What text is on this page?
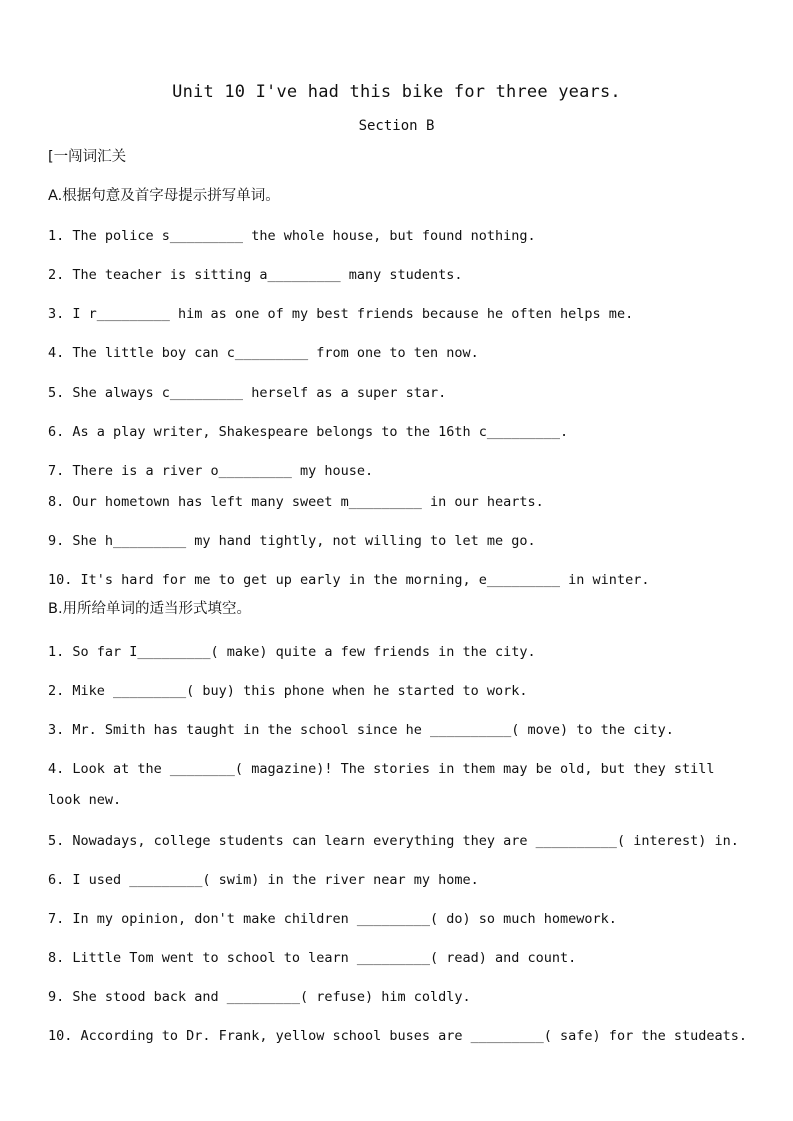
Unit 10 I've had this bike for three years.
Section B
[一闯词汇关
A.根据句意及首字母提示拼写单词。
1. The police s_________ the whole house, but found nothing.
2. The teacher is sitting a_________ many students.
3. I r_________ him as one of my best friends because he often helps me.
4. The little boy can c_________ from one to ten now.
5. She always c_________ herself as a super star.
6. As a play writer, Shakespeare belongs to the 16th c_________.
7. There is a river o_________ my house.
8. Our hometown has left many sweet m_________ in our hearts.
9. She h_________ my hand tightly, not willing to let me go.
10. It's hard for me to get up early in the morning, e_________ in winter.
B.用所给单词的适当形式填空。
1. So far I_________( make) quite a few friends in the city.
2. Mike _________( buy) this phone when he started to work.
3. Mr. Smith has taught in the school since he __________( move) to the city.
4. Look at the ________( magazine)! The stories in them may be old, but they still look new.
5. Nowadays, college students can learn everything they are __________( interest) in.
6. I used _________( swim) in the river near my home.
7. In my opinion, don't make children _________( do) so much homework.
8. Little Tom went to school to learn _________( read) and count.
9. She stood back and _________( refuse) him coldly.
10. According to Dr. Frank, yellow school buses are _________( safe) for the studeats.
